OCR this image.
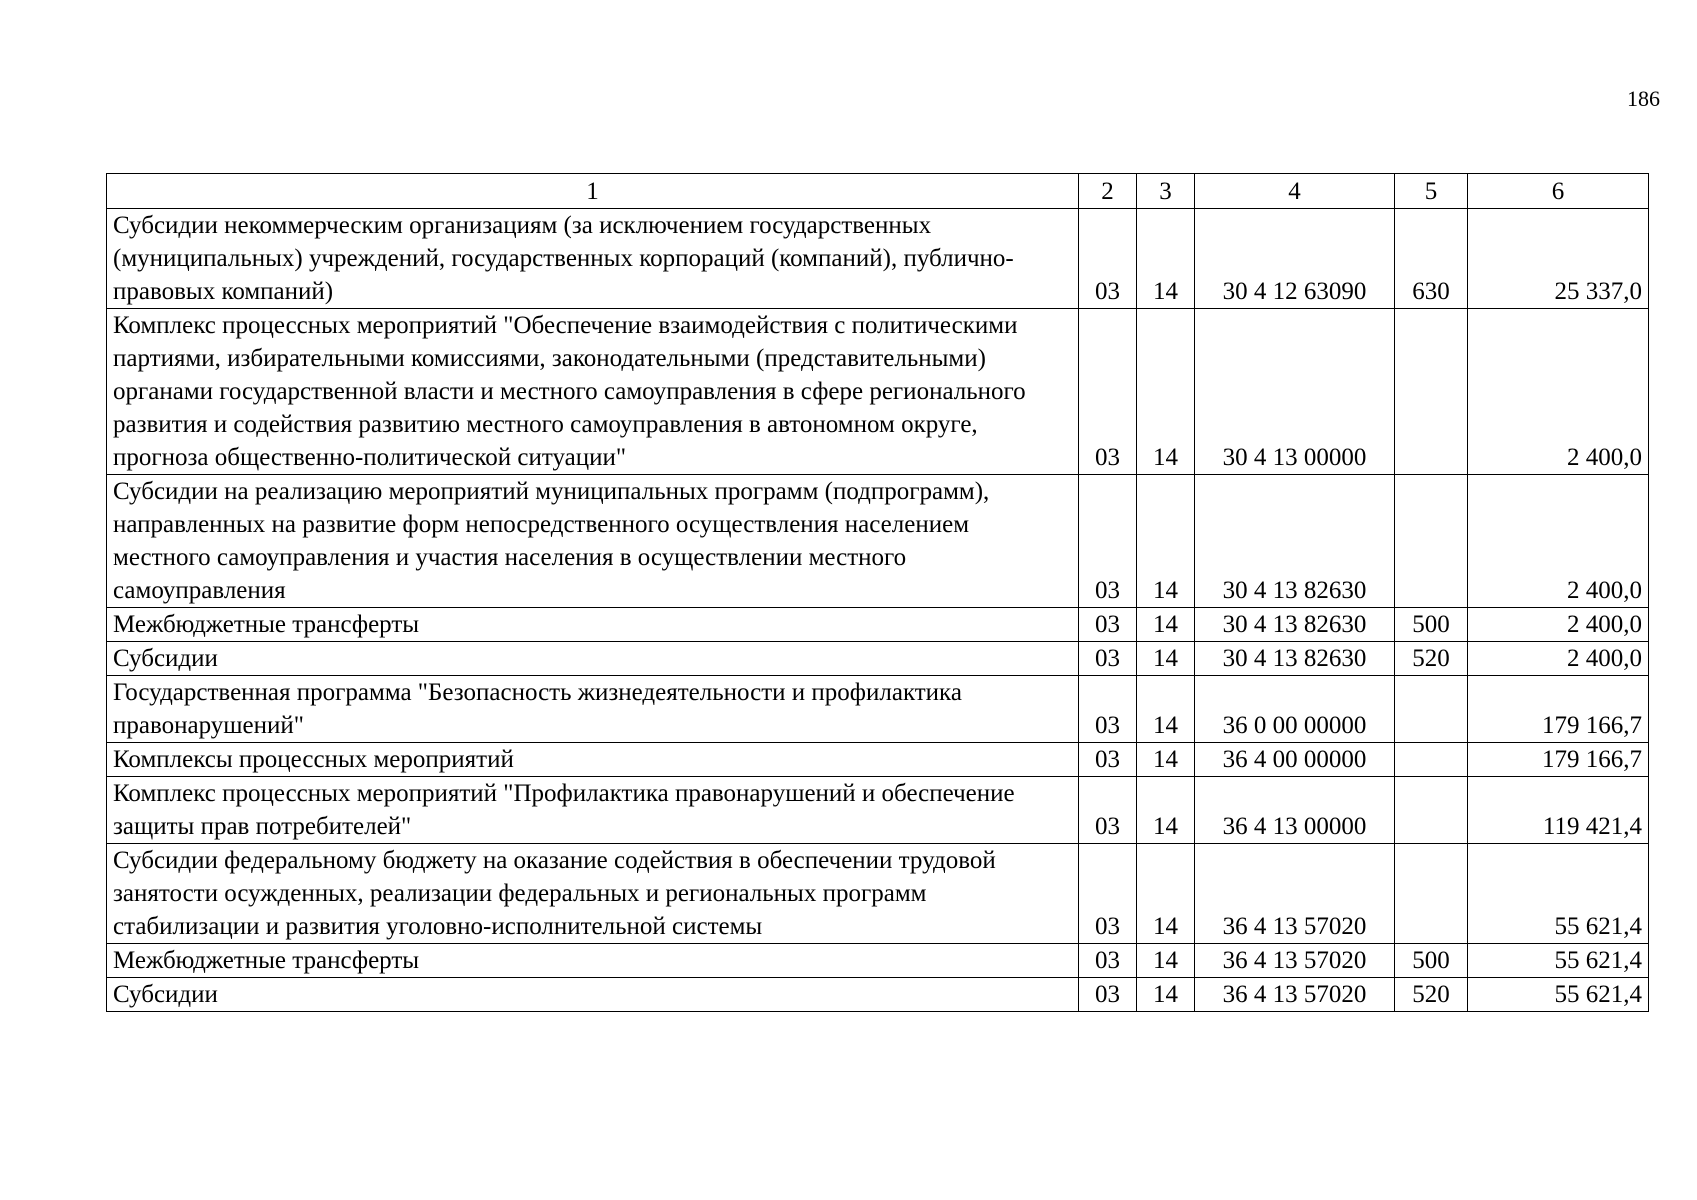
186
1	2	3	4	5	6
Субсидии некоммерческим организациям (за исключением государственных (муниципальных) учреждений, государственных корпораций (компаний), публично-правовых компаний)	03	14	30 4 12 63090	630	25 337,0
Комплекс процессных мероприятий "Обеспечение взаимодействия с политическими партиями, избирательными комиссиями, законодательными (представительными) органами государственной власти и местного самоуправления в сфере регионального развития и содействия развитию местного самоуправления в автономном округе, прогноза общественно-политической ситуации"	03	14	30 4 13 00000		2 400,0
Субсидии на реализацию мероприятий муниципальных программ (подпрограмм), направленных на развитие форм непосредственного осуществления населением местного самоуправления и участия населения в осуществлении местного самоуправления	03	14	30 4 13 82630		2 400,0
Межбюджетные трансферты	03	14	30 4 13 82630	500	2 400,0
Субсидии	03	14	30 4 13 82630	520	2 400,0
Государственная программа "Безопасность жизнедеятельности и профилактика правонарушений"	03	14	36 0 00 00000		179 166,7
Комплексы процессных мероприятий	03	14	36 4 00 00000		179 166,7
Комплекс процессных мероприятий "Профилактика правонарушений и обеспечение защиты прав потребителей"	03	14	36 4 13 00000		119 421,4
Субсидии федеральному бюджету на оказание содействия в обеспечении трудовой занятости осужденных, реализации федеральных и региональных программ стабилизации и развития уголовно-исполнительной системы	03	14	36 4 13 57020		55 621,4
Межбюджетные трансферты	03	14	36 4 13 57020	500	55 621,4
Субсидии	03	14	36 4 13 57020	520	55 621,4
